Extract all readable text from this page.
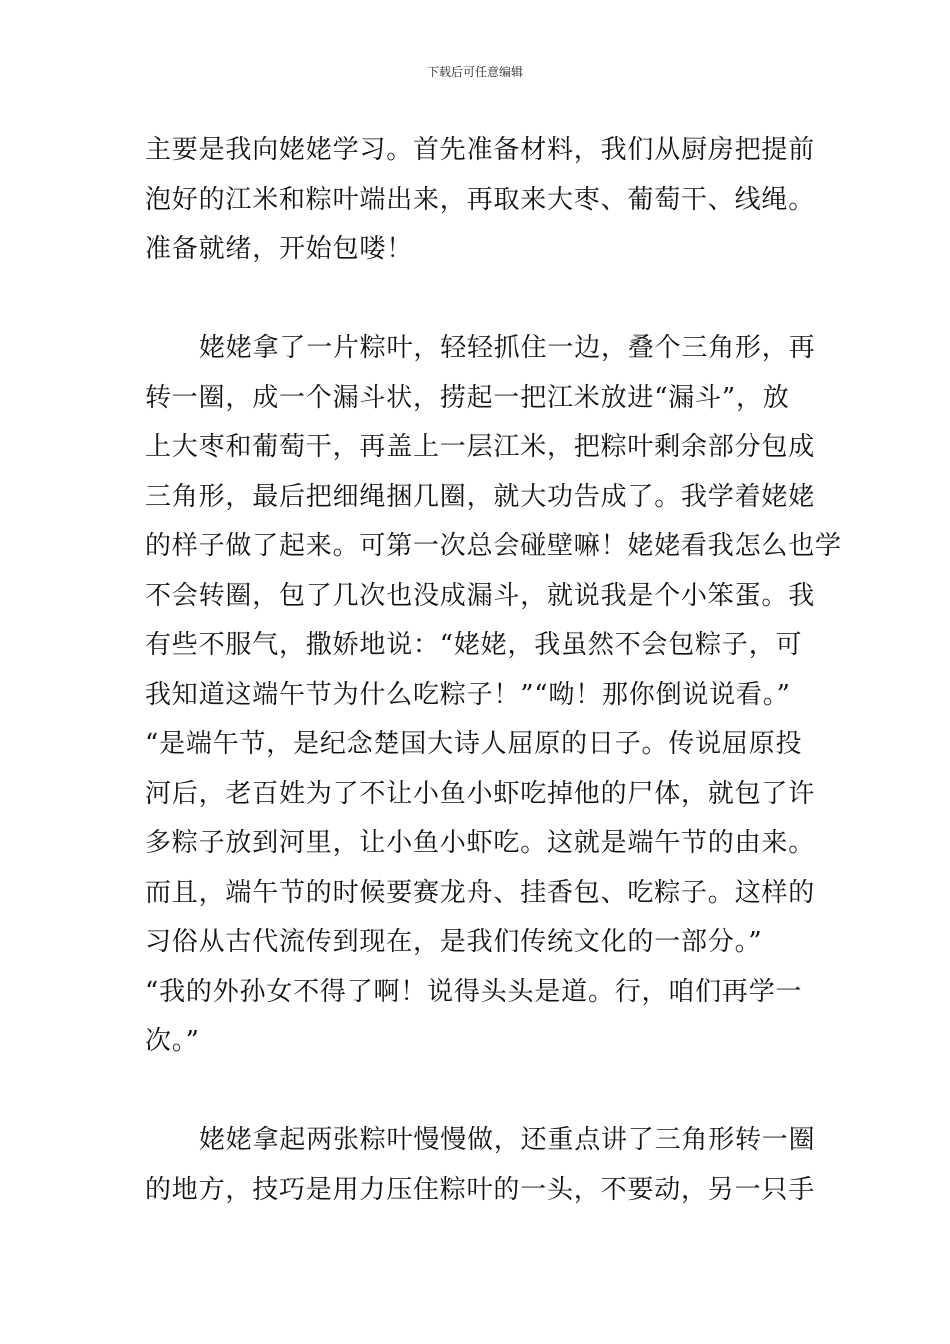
下载后可任意编辑
主要是我向姥姥学习。首先准备材料，我们从厨房把提前
泡好的江米和粽叶端出来，再取来大枣、葡萄干、线绳。
准备就绪，开始包喽！
姥姥拿了一片粽叶，轻轻抓住一边，叠个三角形，再
转一圈，成一个漏斗状，捞起一把江米放进“漏斗”，放
上大枣和葡萄干，再盖上一层江米，把粽叶剩余部分包成
三角形，最后把细绳捆几圈，就大功告成了。我学着姥姥
的样子做了起来。可第一次总会碰壁嘛！姥姥看我怎么也学
不会转圈，包了几次也没成漏斗，就说我是个小笨蛋。我
有些不服气，撒娇地说：“姥姥，我虽然不会包粽子，可
我知道这端午节为什么吃粽子！”“呦！那你倒说说看。”
“是端午节，是纪念楚国大诗人屈原的日子。传说屈原投
河后，老百姓为了不让小鱼小虾吃掉他的尸体，就包了许
多粽子放到河里，让小鱼小虾吃。这就是端午节的由来。
而且，端午节的时候要赛龙舟、挂香包、吃粽子。这样的
习俗从古代流传到现在，是我们传统文化的一部分。”
“我的外孙女不得了啊！说得头头是道。行，咱们再学一
次。”
姥姥拿起两张粽叶慢慢做，还重点讲了三角形转一圈
的地方，技巧是用力压住粽叶的一头，不要动，另一只手
